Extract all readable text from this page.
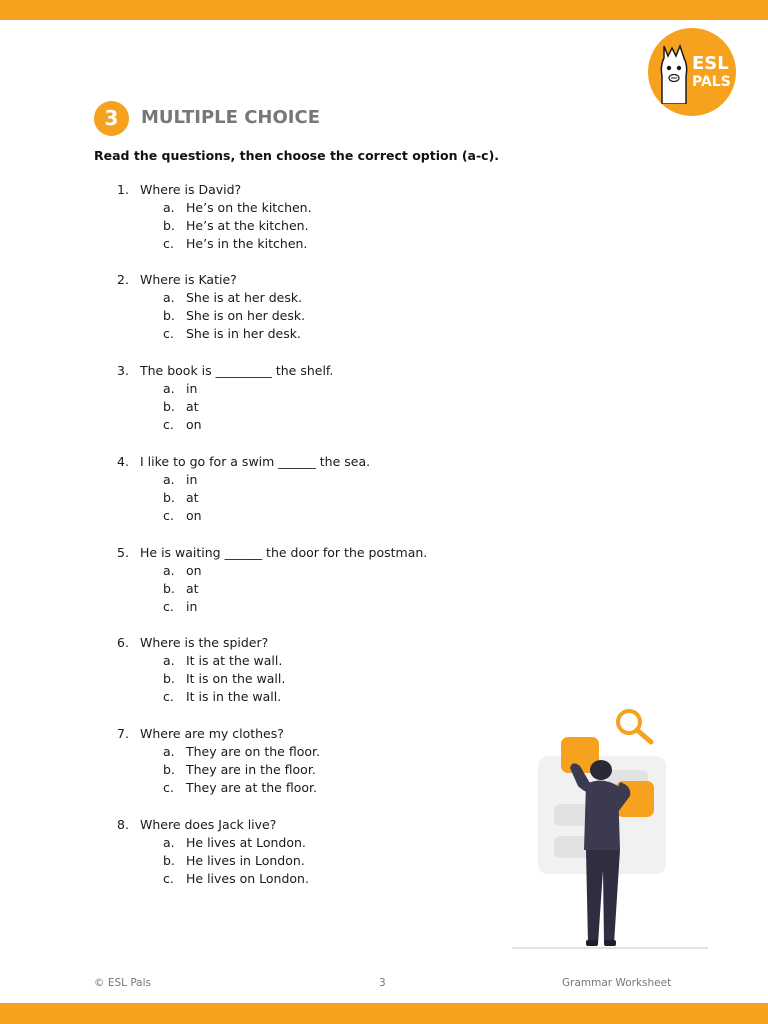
ESL
PALS
3	MULTIPLE CHOICE
Read the questions, then choose the correct option (a-c).
1. Where is David?
a. He’s on the kitchen.
b. He’s at the kitchen.
c. He’s in the kitchen.
2. Where is Katie?
a. She is at her desk.
b. She is on her desk.
c. She is in her desk.
3. The book is _________ the shelf.
a. in
b. at
c. on
4. I like to go for a swim ______ the sea.
a. in
b. at
c. on
5. He is waiting ______ the door for the postman.
a. on
b. at
c. in
6. Where is the spider?
a. It is at the wall.
b. It is on the wall.
c. It is in the wall.
7. Where are my clothes?
a. They are on the floor.
b. They are in the floor.
c. They are at the floor.
8. Where does Jack live?
a. He lives at London.
b. He lives in London.
c. He lives on London.
© ESL Pals	3	Grammar Worksheet
